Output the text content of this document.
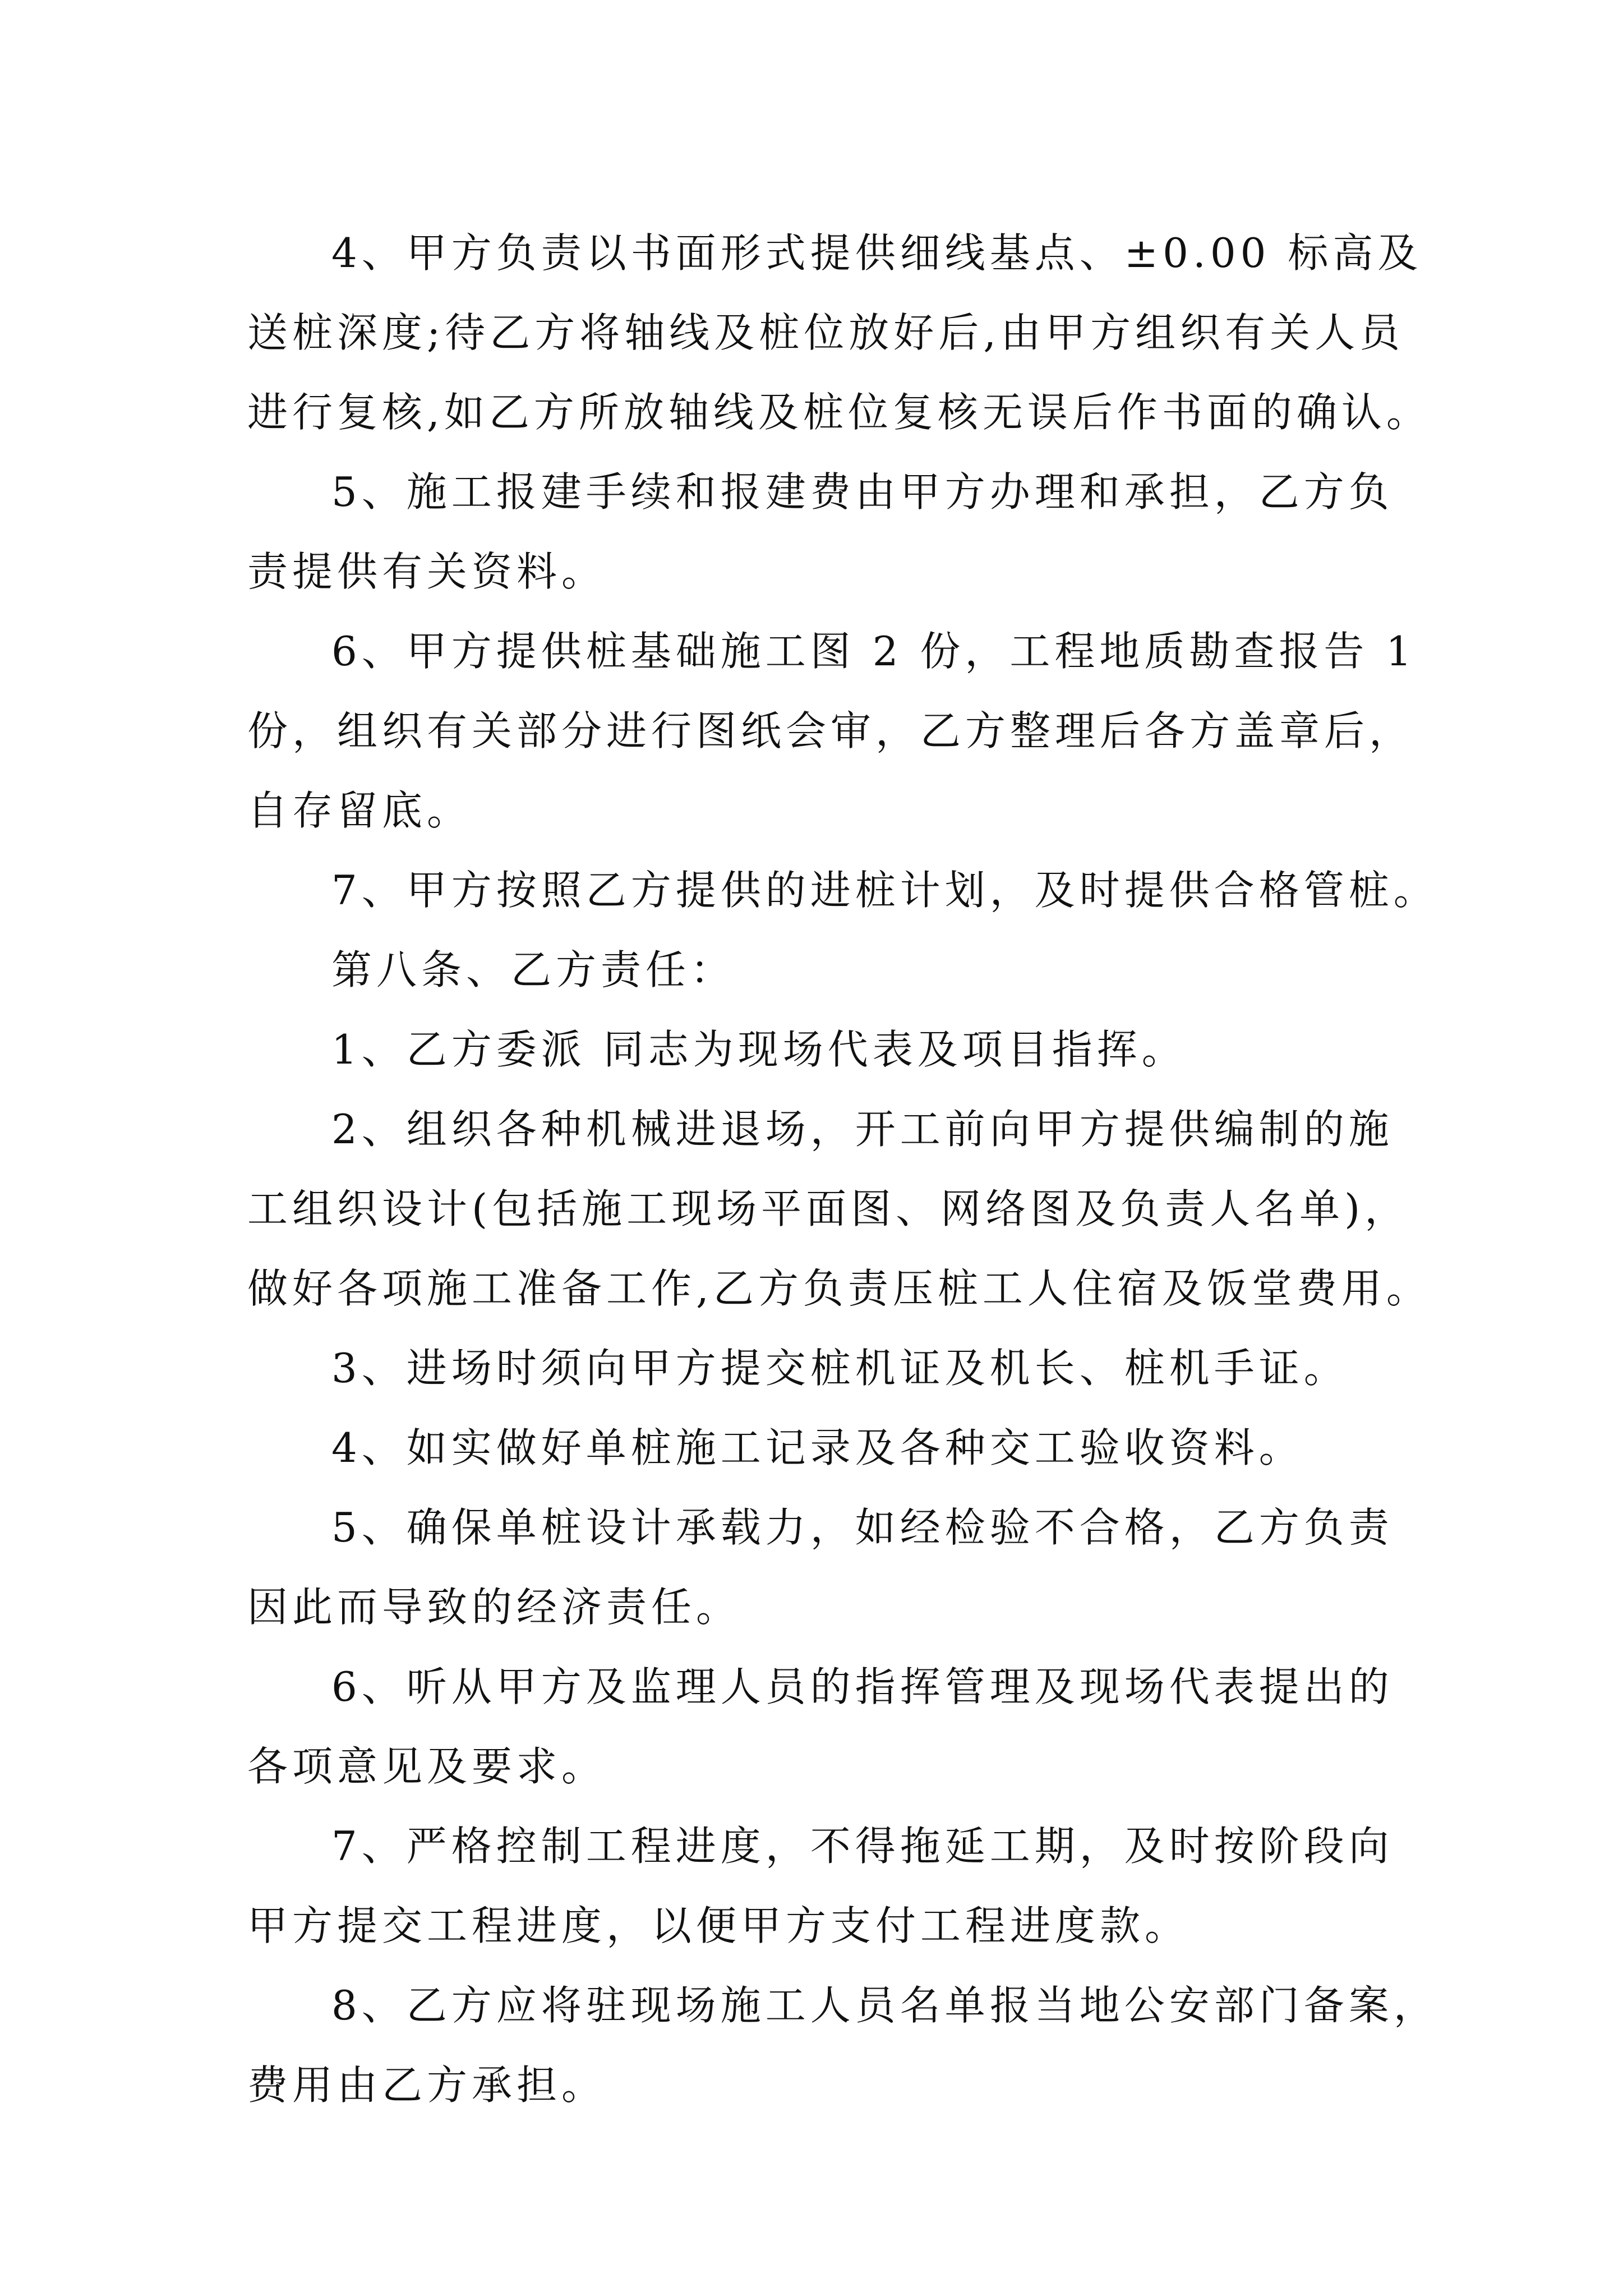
4、甲方负责以书面形式提供细线基点、±0.00 标高及
送桩深度;待乙方将轴线及桩位放好后,由甲方组织有关人员
进行复核,如乙方所放轴线及桩位复核无误后作书面的确认。
5、施工报建手续和报建费由甲方办理和承担，乙方负
责提供有关资料。
6、甲方提供桩基础施工图 2 份，工程地质勘查报告 1
份，组织有关部分进行图纸会审，乙方整理后各方盖章后，
自存留底。
7、甲方按照乙方提供的进桩计划，及时提供合格管桩。
第八条、乙方责任：
1、乙方委派 同志为现场代表及项目指挥。
2、组织各种机械进退场，开工前向甲方提供编制的施
工组织设计(包括施工现场平面图、网络图及负责人名单)，
做好各项施工准备工作,乙方负责压桩工人住宿及饭堂费用。
3、进场时须向甲方提交桩机证及机长、桩机手证。
4、如实做好单桩施工记录及各种交工验收资料。
5、确保单桩设计承载力，如经检验不合格，乙方负责
因此而导致的经济责任。
6、听从甲方及监理人员的指挥管理及现场代表提出的
各项意见及要求。
7、严格控制工程进度，不得拖延工期，及时按阶段向
甲方提交工程进度，以便甲方支付工程进度款。
8、乙方应将驻现场施工人员名单报当地公安部门备案，
费用由乙方承担。
